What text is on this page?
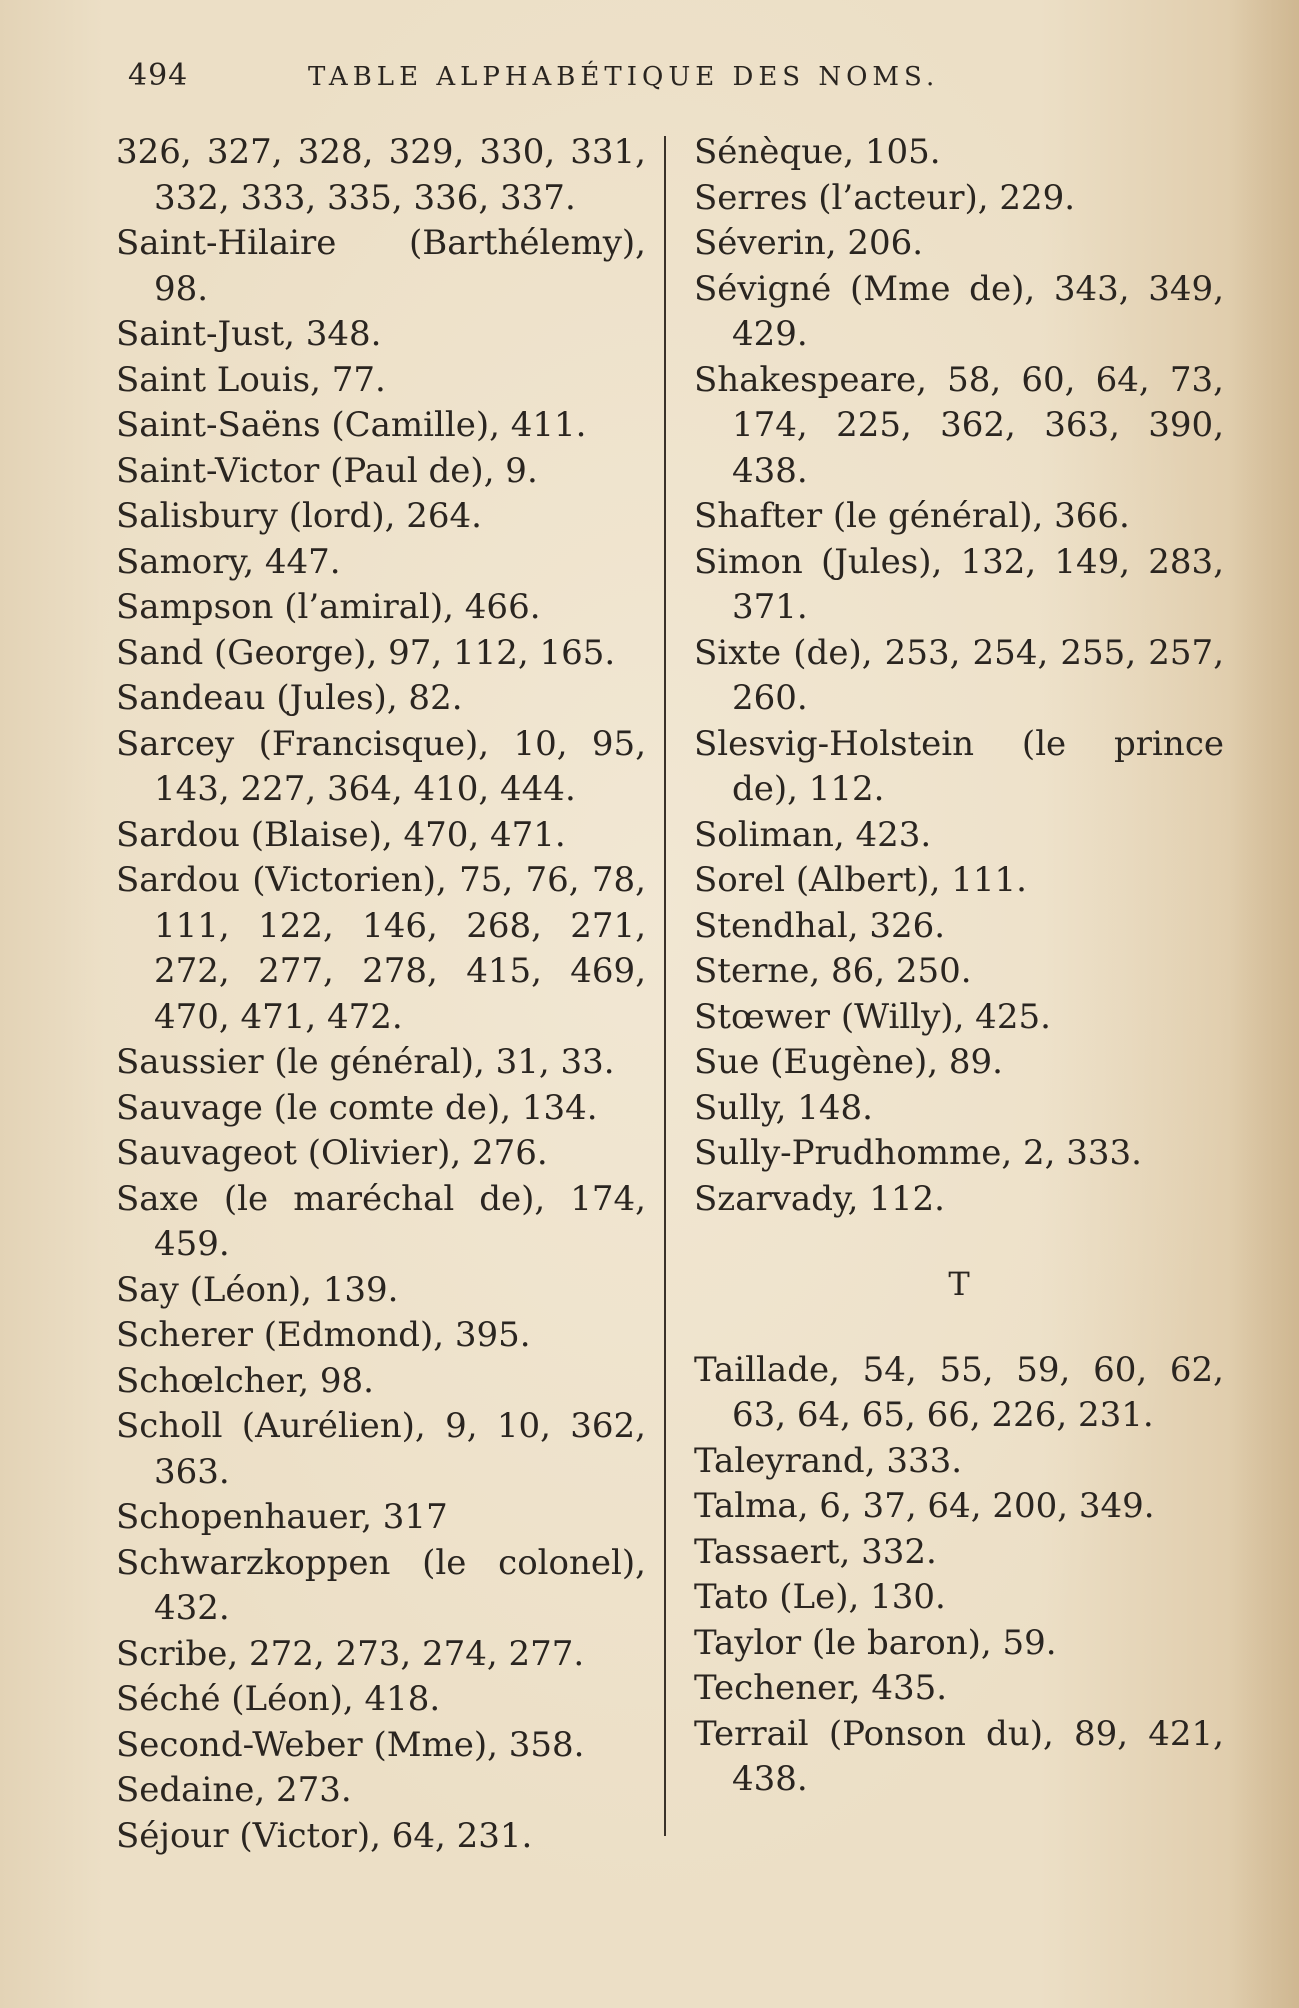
494	TABLE ALPHABÉTIQUE DES NOMS.
326, 327, 328, 329, 330, 331, 332, 333, 335, 336, 337.
Saint-Hilaire (Barthélemy), 98.
Saint-Just, 348.
Saint Louis, 77.
Saint-Saëns (Camille), 411.
Saint-Victor (Paul de), 9.
Salisbury (lord), 264.
Samory, 447.
Sampson (l’amiral), 466.
Sand (George), 97, 112, 165.
Sandeau (Jules), 82.
Sarcey (Francisque), 10, 95, 143, 227, 364, 410, 444.
Sardou (Blaise), 470, 471.
Sardou (Victorien), 75, 76, 78, 111, 122, 146, 268, 271, 272, 277, 278, 415, 469, 470, 471, 472.
Saussier (le général), 31, 33.
Sauvage (le comte de), 134.
Sauvageot (Olivier), 276.
Saxe (le maréchal de), 174, 459.
Say (Léon), 139.
Scherer (Edmond), 395.
Schœlcher, 98.
Scholl (Aurélien), 9, 10, 362, 363.
Schopenhauer, 317
Schwarzkoppen (le colonel), 432.
Scribe, 272, 273, 274, 277.
Séché (Léon), 418.
Second-Weber (Mme), 358.
Sedaine, 273.
Séjour (Victor), 64, 231.
Sénèque, 105.
Serres (l’acteur), 229.
Séverin, 206.
Sévigné (Mme de), 343, 349, 429.
Shakespeare, 58, 60, 64, 73, 174, 225, 362, 363, 390, 438.
Shafter (le général), 366.
Simon (Jules), 132, 149, 283, 371.
Sixte (de), 253, 254, 255, 257, 260.
Slesvig-Holstein (le prince de), 112.
Soliman, 423.
Sorel (Albert), 111.
Stendhal, 326.
Sterne, 86, 250.
Stœwer (Willy), 425.
Sue (Eugène), 89.
Sully, 148.
Sully-Prudhomme, 2, 333.
Szarvady, 112.
T
Taillade, 54, 55, 59, 60, 62, 63, 64, 65, 66, 226, 231.
Taleyrand, 333.
Talma, 6, 37, 64, 200, 349.
Tassaert, 332.
Tato (Le), 130.
Taylor (le baron), 59.
Techener, 435.
Terrail (Ponson du), 89, 421, 438.
